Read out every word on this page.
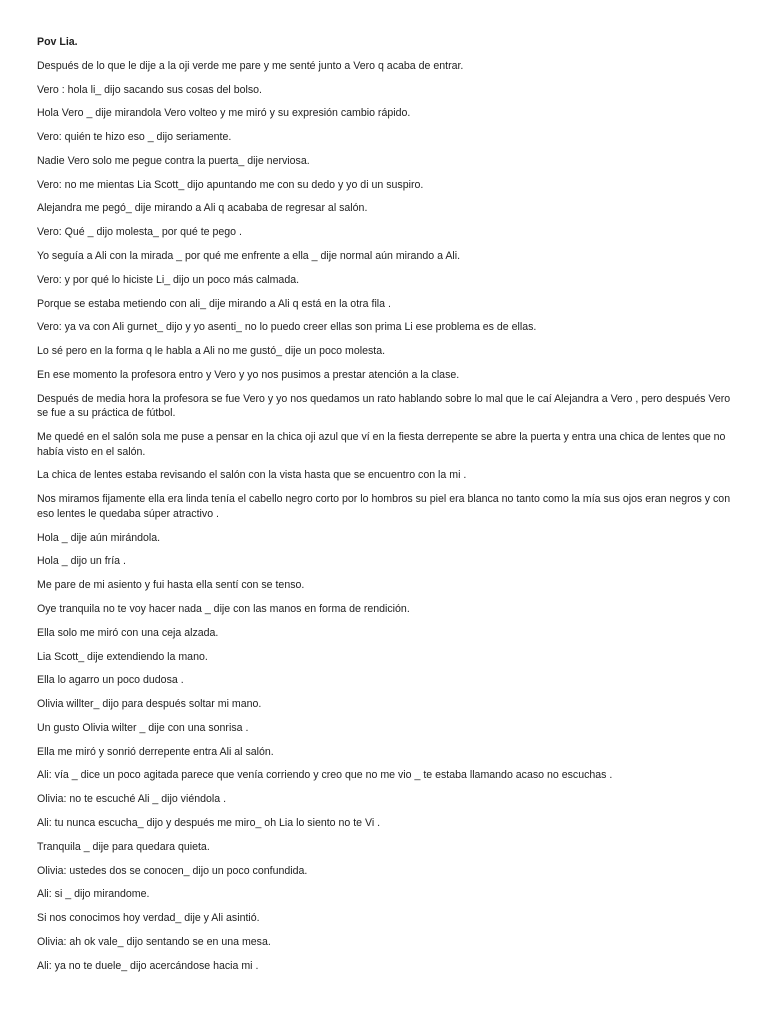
Pov Lia.

Después de lo que le dije a la oji verde me pare y me senté junto a Vero q acaba de entrar.

Vero : hola li_ dijo sacando sus cosas del bolso.

Hola Vero _ dije mirandola Vero volteo y me miró y su expresión cambio rápido.

Vero: quién te hizo eso _ dijo seriamente.

Nadie Vero solo me pegue contra la puerta_ dije nerviosa.

Vero: no me mientas Lia Scott_ dijo apuntando me con su dedo y yo di un suspiro.

Alejandra me pegó_ dije mirando a Ali q acababa de regresar al salón.

Vero: Qué _ dijo molesta_ por qué te pego .

Yo seguía a Ali con la mirada _ por qué me enfrente a ella _ dije normal aún mirando a Ali.

Vero: y por qué lo hiciste Li_ dijo un poco más calmada.

Porque se estaba metiendo con ali_ dije mirando a Ali q está en la otra fila .

Vero: ya va con Ali gurnet_ dijo y yo asenti_ no lo puedo creer ellas son prima Li ese problema es de ellas.

Lo sé pero en la forma q le habla a Ali no me gustó_ dije un poco molesta.

En ese momento la profesora entro y Vero y yo nos pusimos a prestar atención a la clase.

Después de media hora la profesora se fue Vero y yo nos quedamos un rato hablando sobre lo mal que le caí Alejandra a Vero , pero después Vero se fue a su práctica de fútbol.

Me quedé en el salón sola me puse a pensar en la chica oji azul que ví en la fiesta derrepente se abre la puerta y entra una chica de lentes que no había visto en el salón.

La chica de lentes estaba revisando el salón con la vista hasta que se encuentro con la mi .

Nos miramos fijamente ella era linda tenía el cabello negro corto por lo hombros su piel era blanca no tanto como la mía sus ojos eran negros y con eso lentes le quedaba súper atractivo .

Hola _ dije aún mirándola.

Hola _ dijo un fría .

Me pare de mi asiento y fui hasta ella sentí con se tenso.

Oye tranquila no te voy hacer nada _ dije con las manos en forma de rendición.

Ella solo me miró con una ceja alzada.

Lia Scott_ dije extendiendo la mano.

Ella lo agarro un poco dudosa .

Olivia willter_ dijo para después soltar mi mano.

Un gusto Olivia wilter _ dije con una sonrisa .

Ella me miró y sonrió derrepente entra Ali al salón.

Ali: vía _ dice un poco agitada parece que venía corriendo y creo que no me vio _ te estaba llamando acaso no escuchas .

Olivia: no te escuché Ali _ dijo viéndola .

Ali: tu nunca escucha_ dijo y después me miro_ oh Lia lo siento no te Vi .

Tranquila _ dije para quedara quieta.

Olivia: ustedes dos se conocen_ dijo un poco confundida.

Ali: si _ dijo mirandome.

Si nos conocimos hoy verdad_ dije y Ali asintió.

Olivia: ah ok vale_ dijo sentando se en una mesa.

Ali: ya no te duele_ dijo acercándose hacia mi .
